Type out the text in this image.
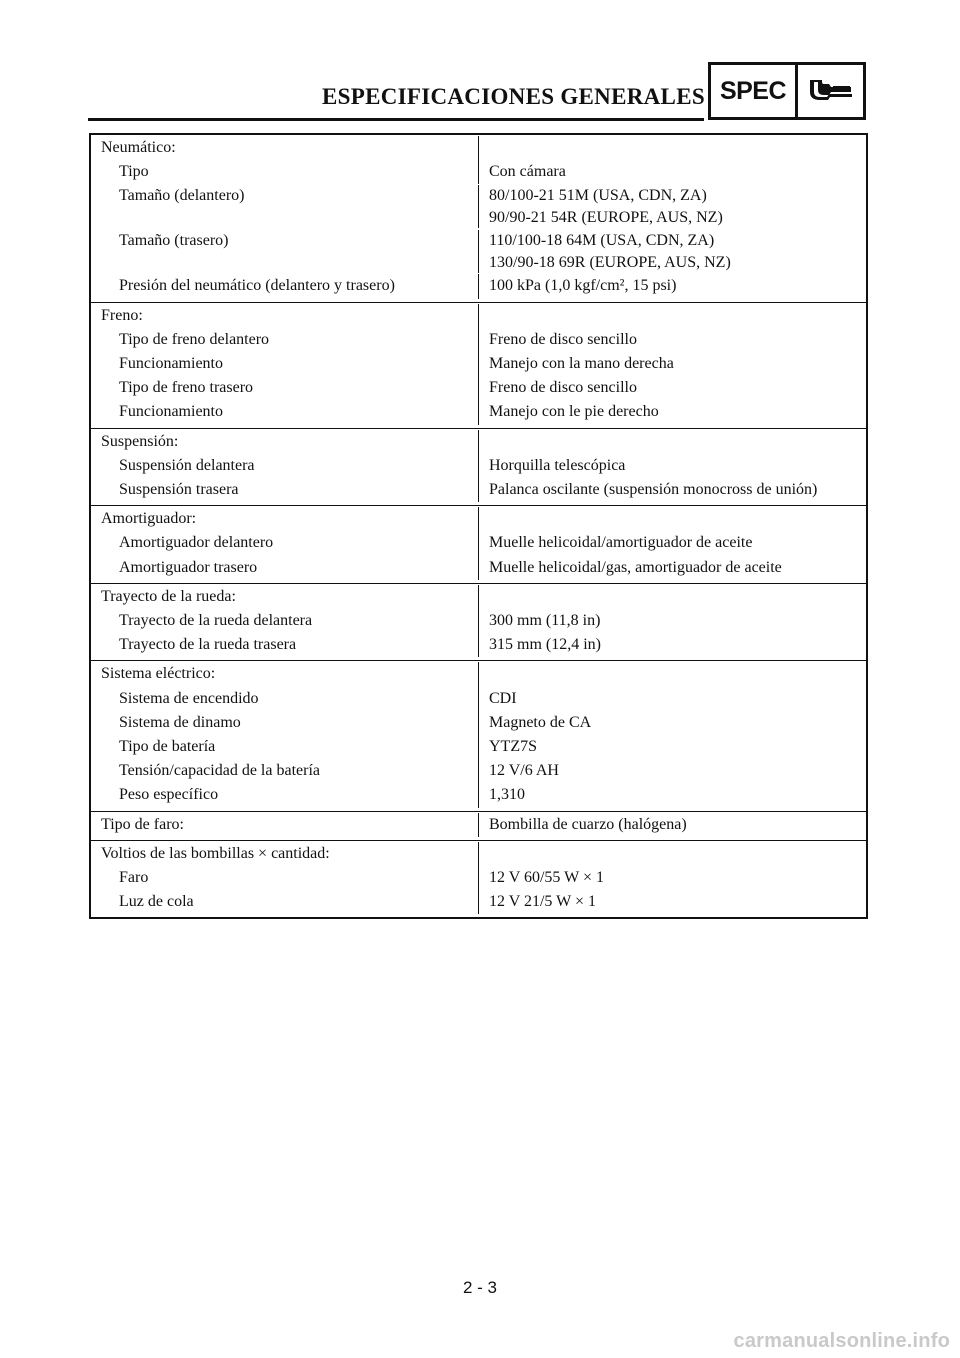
ESPECIFICACIONES GENERALES SPEC
Neumático:
Tipo	Con cámara
Tamaño (delantero)	80/100-21 51M (USA, CDN, ZA)
90/90-21 54R (EUROPE, AUS, NZ)
Tamaño (trasero)	110/100-18 64M (USA, CDN, ZA)
130/90-18 69R (EUROPE, AUS, NZ)
Presión del neumático (delantero y trasero)	100 kPa (1,0 kgf/cm², 15 psi)
Freno:
Tipo de freno delantero	Freno de disco sencillo
Funcionamiento	Manejo con la mano derecha
Tipo de freno trasero	Freno de disco sencillo
Funcionamiento	Manejo con le pie derecho
Suspensión:
Suspensión delantera	Horquilla telescópica
Suspensión trasera	Palanca oscilante (suspensión monocross de unión)
Amortiguador:
Amortiguador delantero	Muelle helicoidal/amortiguador de aceite
Amortiguador trasero	Muelle helicoidal/gas, amortiguador de aceite
Trayecto de la rueda:
Trayecto de la rueda delantera	300 mm (11,8 in)
Trayecto de la rueda trasera	315 mm (12,4 in)
Sistema eléctrico:
Sistema de encendido	CDI
Sistema de dinamo	Magneto de CA
Tipo de batería	YTZ7S
Tensión/capacidad de la batería	12 V/6 AH
Peso específico	1,310
Tipo de faro:	Bombilla de cuarzo (halógena)
Voltios de las bombillas × cantidad:
Faro	12 V 60/55 W × 1
Luz de cola	12 V 21/5 W × 1
2 - 3
carmanualsonline.info
